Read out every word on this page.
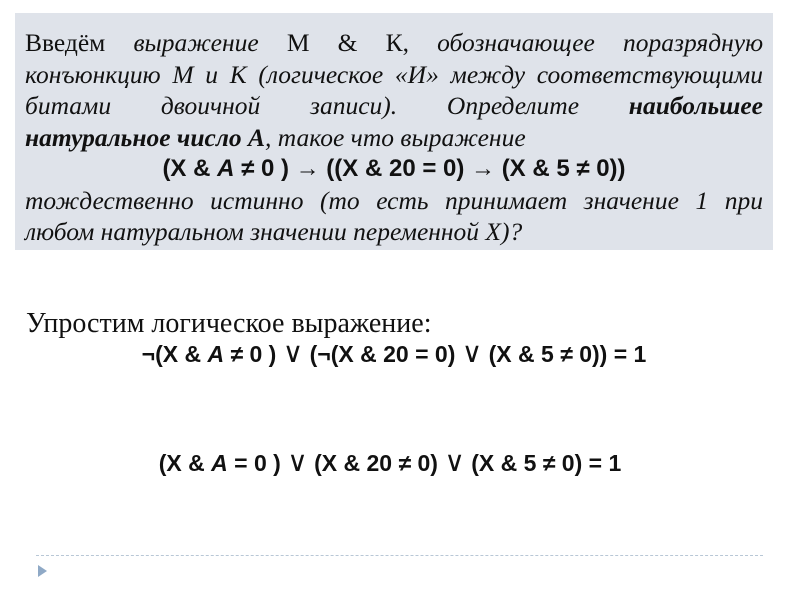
Введём выражение М & К, обозначающее поразрядную

конъюнкцию М и К (логическое «И» между соответствующими

битами двоичной записи). Определите наибольшее

натуральное число А, такое что выражение

(X & A ≠ 0 ) → ((X & 20 = 0) → (X & 5 ≠ 0))

тождественно истинно (то есть принимает значение 1 при

любом натуральном значении переменной X)?

Упростим логическое выражение:
¬(X & A ≠ 0 ) ∨ (¬(X & 20 = 0) ∨ (X & 5 ≠ 0)) = 1
(X & A = 0 ) ∨ (X & 20 ≠ 0) ∨ (X & 5 ≠ 0) = 1
